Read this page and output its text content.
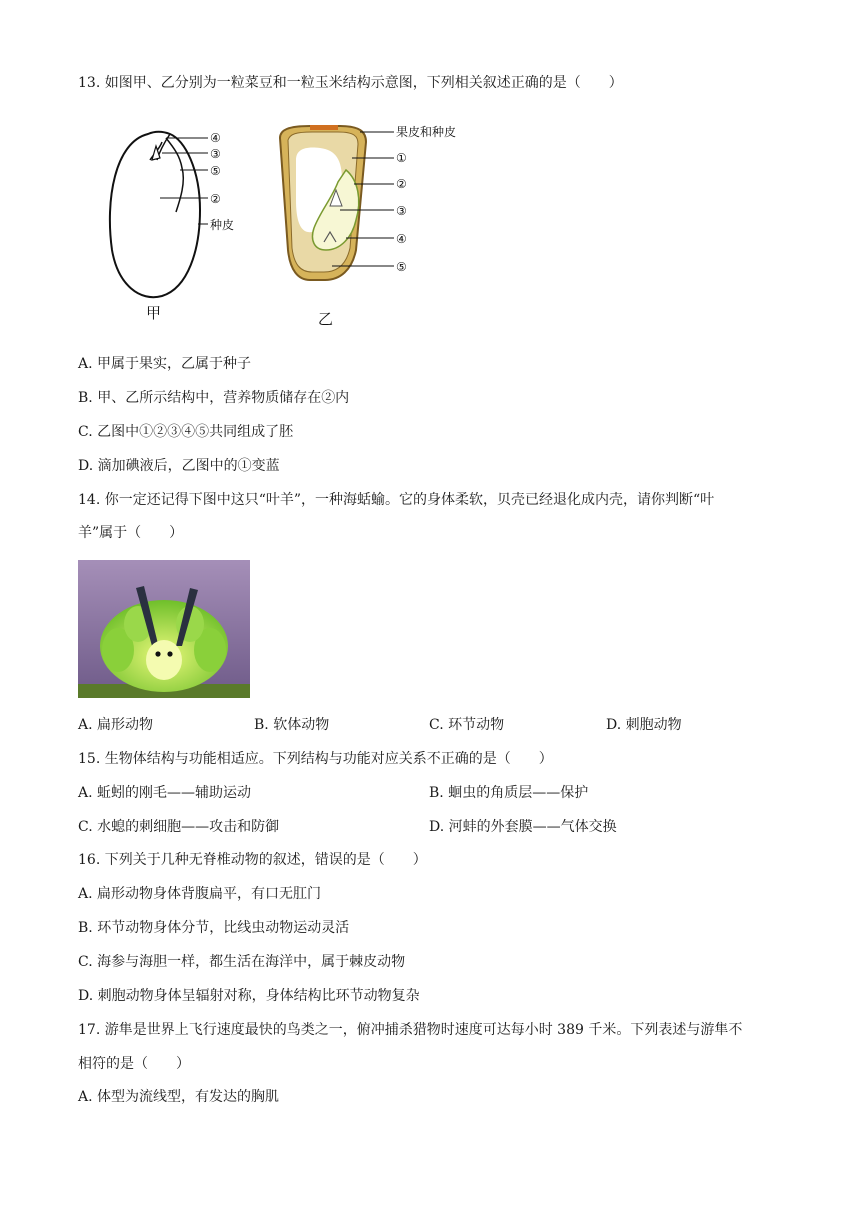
13. 如图甲、乙分别为一粒菜豆和一粒玉米结构示意图，下列相关叙述正确的是（　　）
④
③
⑤
②
种皮
甲
果皮和种皮
①
②
③
④
⑤
乙
A. 甲属于果实，乙属于种子
B. 甲、乙所示结构中，营养物质储存在②内
C. 乙图中①②③④⑤共同组成了胚
D. 滴加碘液后，乙图中的①变蓝
14. 你一定还记得下图中这只“叶羊”，一种海蛞蝓。它的身体柔软，贝壳已经退化成内壳，请你判断“叶
羊”属于（　　）
A. 扁形动物	B. 软体动物	C. 环节动物	D. 刺胞动物
15. 生物体结构与功能相适应。下列结构与功能对应关系不正确的是（　　）
A. 蚯蚓的刚毛——辅助运动	B. 蛔虫的角质层——保护
C. 水螅的刺细胞——攻击和防御	D. 河蚌的外套膜——气体交换
16. 下列关于几种无脊椎动物的叙述，错误的是（　　）
A. 扁形动物身体背腹扁平，有口无肛门
B. 环节动物身体分节，比线虫动物运动灵活
C. 海参与海胆一样，都生活在海洋中，属于棘皮动物
D. 刺胞动物身体呈辐射对称，身体结构比环节动物复杂
17. 游隼是世界上飞行速度最快的鸟类之一，俯冲捕杀猎物时速度可达每小时 389 千米。下列表述与游隼不
相符的是（　　）
A. 体型为流线型，有发达的胸肌
